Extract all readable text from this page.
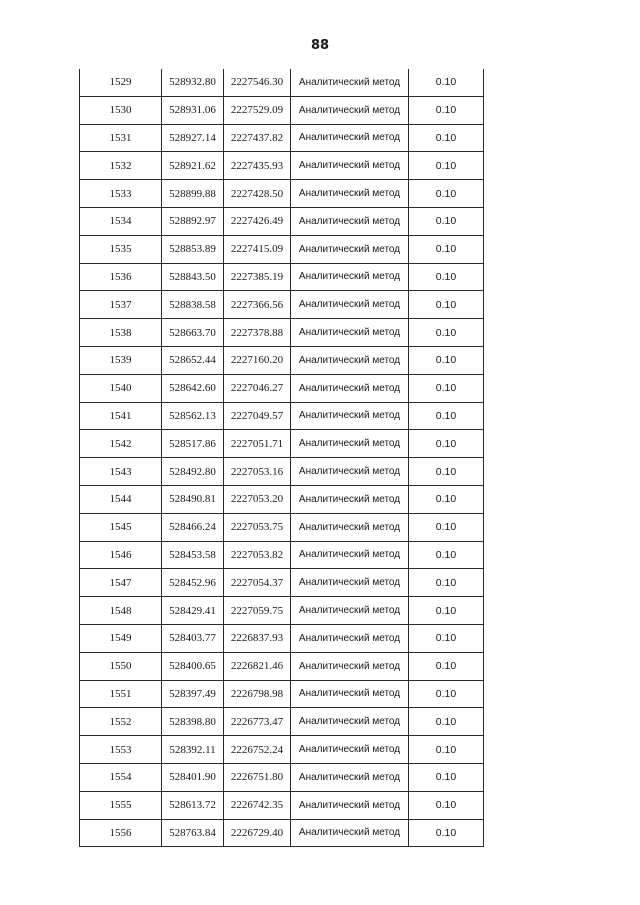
88
1529	528932.80	2227546.30	Аналитический метод	0.10
1530	528931.06	2227529.09	Аналитический метод	0.10
1531	528927.14	2227437.82	Аналитический метод	0.10
1532	528921.62	2227435.93	Аналитический метод	0.10
1533	528899.88	2227428.50	Аналитический метод	0.10
1534	528892.97	2227426.49	Аналитический метод	0.10
1535	528853.89	2227415.09	Аналитический метод	0.10
1536	528843.50	2227385.19	Аналитический метод	0.10
1537	528838.58	2227366.56	Аналитический метод	0.10
1538	528663.70	2227378.88	Аналитический метод	0.10
1539	528652.44	2227160.20	Аналитический метод	0.10
1540	528642.60	2227046.27	Аналитический метод	0.10
1541	528562.13	2227049.57	Аналитический метод	0.10
1542	528517.86	2227051.71	Аналитический метод	0.10
1543	528492.80	2227053.16	Аналитический метод	0.10
1544	528490.81	2227053.20	Аналитический метод	0.10
1545	528466.24	2227053.75	Аналитический метод	0.10
1546	528453.58	2227053.82	Аналитический метод	0.10
1547	528452.96	2227054.37	Аналитический метод	0.10
1548	528429.41	2227059.75	Аналитический метод	0.10
1549	528403.77	2226837.93	Аналитический метод	0.10
1550	528400.65	2226821.46	Аналитический метод	0.10
1551	528397.49	2226798.98	Аналитический метод	0.10
1552	528398.80	2226773.47	Аналитический метод	0.10
1553	528392.11	2226752.24	Аналитический метод	0.10
1554	528401.90	2226751.80	Аналитический метод	0.10
1555	528613.72	2226742.35	Аналитический метод	0.10
1556	528763.84	2226729.40	Аналитический метод	0.10
